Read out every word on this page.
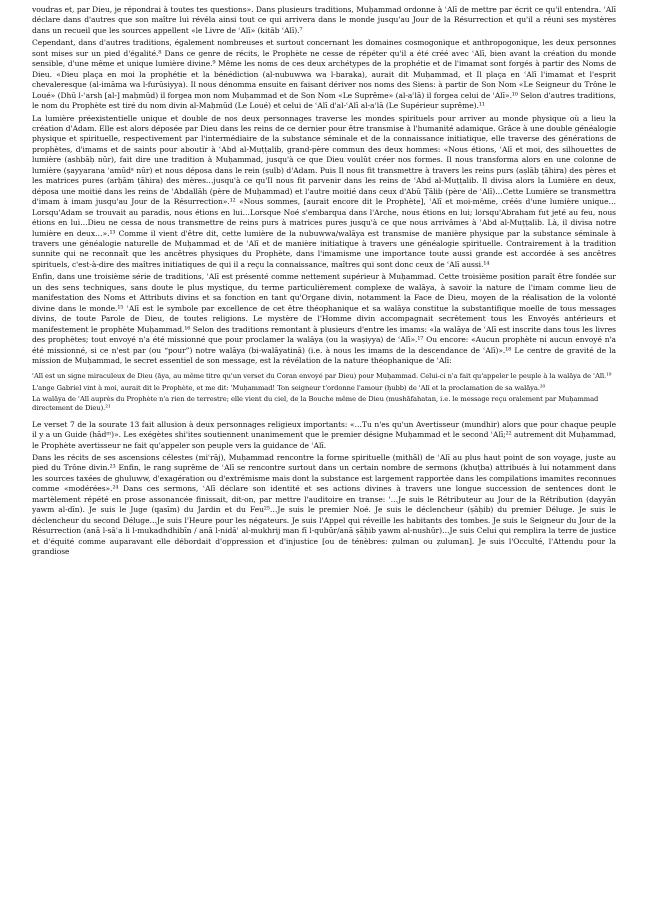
voudras et, par Dieu, je répondrai à toutes tes questions». Dans plusieurs traditions, Muḥammad ordonne à ʿAlī de mettre par écrit ce qu'il entendra. ʿAlī déclare dans d'autres que son maître lui révéla ainsi tout ce qui arrivera dans le monde jusqu'au Jour de la Résurrection et qu'il a réuni ses mystères dans un recueil que les sources appellent «le Livre de ʿAlī» (kitāb ʿAlī).⁷

Cependant, dans d'autres traditions, également nombreuses et surtout concernant les domaines cosmogonique et anthropogonique, les deux personnes sont mises sur un pied d'égalité.⁸ Dans ce genre de récits, le Prophète ne cesse de répéter qu'il a été créé avec ʿAlī, bien avant la création du monde sensible, d'une même et unique lumière divine.⁹ Même les noms de ces deux archétypes de la prophétie et de l'imamat sont forgés à partir des Noms de Dieu. «Dieu plaça en moi la prophétie et la bénédiction (al-nubuwwa wa l-baraka), aurait dit Muḥammad, et Il plaça en ʿAlī l'imamat et l'esprit chevaleresque (al-imāma wa l-furūsiyya). Il nous dénomma ensuite en faisant dériver nos noms des Siens: à partir de Son Nom «Le Seigneur du Trône le Loué» (Dhū l-ʿarsh [al-] maḥmūd) il forgea mon nom Muḥammad et de Son Nom «Le Suprême» (al-aʿlā) il forgea celui de ʿAlī».¹⁰ Selon d'autres traditions, le nom du Prophète est tiré du nom divin al-Maḥmūd (Le Loué) et celui de ʿAlī d'al-ʿAlī al-aʿlā (Le Supérieur suprême).¹¹

La lumière préexistentielle unique et double de nos deux personnages traverse les mondes spirituels pour arriver au monde physique où a lieu la création d'Adam. Elle est alors déposée par Dieu dans les reins de ce dernier pour être transmise à l'humanité adamique. Grâce à une double généalogie physique et spirituelle, respectivement par l'intermédiaire de la substance séminale et de la connaissance initiatique, elle traverse des générations de prophètes, d'imams et de saints pour aboutir à ʿAbd al-Muṭṭalib, grand-père commun des deux hommes: «Nous étions, ʿAlī et moi, des silhouettes de lumière (ashbāḥ nūr), fait dire une tradition à Muḥammad, jusqu'à ce que Dieu voulût créer nos formes. Il nous transforma alors en une colonne de lumière (ṣayyarana ʿamūdᵃ nūr) et nous déposa dans le rein (ṣulb) d'Adam. Puis Il nous fit transmettre à travers les reins purs (aṣlāb ṭāhira) des pères et les matrices pures (arḥām ṭāhira) des mères…jusqu'à ce qu'Il nous fit parvenir dans les reins de ʿAbd al-Muṭṭalib. Il divisa alors la Lumière en deux, déposa une moitié dans les reins de ʿAbdallāh (père de Muḥammad) et l'autre moitié dans ceux d'Abū Ṭālib (père de ʿAlī)…Cette Lumière se transmettra d'imam à imam jusqu'au Jour de la Résurrection».¹² «Nous sommes, [aurait encore dit le Prophète], ʿAlī et moi-même, créés d'une lumière unique… Lorsqu'Adam se trouvait au paradis, nous étions en lui…Lorsque Noé s'embarqua dans l'Arche, nous étions en lui; lorsqu'Abraham fut jeté au feu, nous étions en lui…Dieu ne cessa de nous transmettre de reins purs à matrices pures jusqu'à ce que nous arrivâmes à ʿAbd al-Muṭṭalib. Là, il divisa notre lumière en deux…».¹³ Comme il vient d'être dit, cette lumière de la nubuwwa/walāya est transmise de manière physique par la substance séminale à travers une généalogie naturelle de Muḥammad et de ʿAlī et de manière initiatique à travers une généalogie spirituelle. Contrairement à la tradition sunnite qui ne reconnaît que les ancêtres physiques du Prophète, dans l'imamisme une importance toute aussi grande est accordée à ses ancêtres spirituels, c'est-à-dire des maîtres initiatiques de qui il a reçu la connaissance, maîtres qui sont donc ceux de ʿAlī aussi.¹⁴

Enfin, dans une troisième série de traditions, ʿAlī est présenté comme nettement supérieur à Muḥammad. Cette troisième position paraît être fondée sur un des sens techniques, sans doute le plus mystique, du terme particulièrement complexe de walāya, à savoir la nature de l'imam comme lieu de manifestation des Noms et Attributs divins et sa fonction en tant qu'Organe divin, notamment la Face de Dieu, moyen de la réalisation de la volonté divine dans le monde.¹⁵ ʿAlī est le symbole par excellence de cet être théophanique et sa walāya constitue la substantifique moelle de tous messages divins, de toute Parole de Dieu, de toutes religions. Le mystère de l'Homme divin accompagnait secrètement tous les Envoyés antérieurs et manifestement le prophète Muḥammad.¹⁶ Selon des traditions remontant à plusieurs d'entre les imams: «la walāya de ʿAlī est inscrite dans tous les livres des prophètes; tout envoyé n'a été missionné que pour proclamer la walāya (ou la waṣiyya) de ʿAlī».¹⁷ Ou encore: «Aucun prophète ni aucun envoyé n'a été missionné, si ce n'est par (ou “pour”) notre walāya (bi-walāyatinā) (i.e. à nous les imams de la descendance de ʿAlī)».¹⁸ Le centre de gravité de la mission de Muḥammad, le secret essentiel de son message, est la révélation de la nature théophanique de ʿAlī:

ʿAlī est un signe miraculeux de Dieu (āya, au même titre qu'un verset du Coran envoyé par Dieu) pour Muḥammad. Celui-ci n'a fait qu'appeler le peuple à la walāya de ʿAlī.¹⁹

L'ange Gabriel vint à moi, aurait dit le Prophète, et me dit: 'Muḥammad! Ton seigneur t'ordonne l'amour (ḥubb) de ʿAlī et la proclamation de sa walāya.²⁰

La walāya de ʿAlī auprès du Prophète n'a rien de terrestre; elle vient du ciel, de la Bouche même de Dieu (mushāfahatan, i.e. le message reçu oralement par Muḥammad directement de Dieu).²¹

Le verset 7 de la sourate 13 fait allusion à deux personnages religieux importants: «…Tu n'es qu'un Avertisseur (mundhir) alors que pour chaque peuple il y a un Guide (hādᶦⁿ)». Les exégètes shi'ites soutiennent unanimement que le premier désigne Muḥammad et le second ʿAlī;²² autrement dit Muḥammad, le Prophète avertisseur ne fait qu'appeler son peuple vers la guidance de ʿAlī.

Dans les récits de ses ascensions célestes (miʿrāj), Muḥammad rencontre la forme spirituelle (mithāl) de ʿAlī au plus haut point de son voyage, juste au pied du Trône divin.²³ Enfin, le rang suprême de ʿAlī se rencontre surtout dans un certain nombre de sermons (khuṭba) attribués à lui notamment dans les sources taxées de ghuluww, d'exagération ou d'extrémisme mais dont la substance est largement rapportée dans les compilations imamites reconnues comme «modérées».²⁴ Dans ces sermons, ʿAlī déclare son identité et ses actions divines à travers une longue succession de sentences dont le martèlement répété en prose assonancée finissait, dit-on, par mettre l'auditoire en transe: '…Je suis le Rétributeur au Jour de la Rétribution (dayyān yawm al-dīn). Je suis le Juge (qasīm) du Jardin et du Feu²⁵…Je suis le premier Noé. Je suis le déclencheur (ṣāḥib) du premier Déluge. Je suis le déclencheur du second Déluge…Je suis l'Heure pour les négateurs. Je suis l'Appel qui réveille les habitants des tombes. Je suis le Seigneur du Jour de la Résurrection (anā l-sāʿa li l-mukadhdhibīn / anā l-nidāʾ al-mukhrij man fī l-qubūr/anā ṣāḥib yawm al-nushūr)…Je suis Celui qui remplira la terre de justice et d'équité comme auparavant elle débordait d'oppression et d'injustice [ou de ténèbres: ẓulman ou ẓuluman]. Je suis l'Occulté, l'Attendu pour la grandiose
